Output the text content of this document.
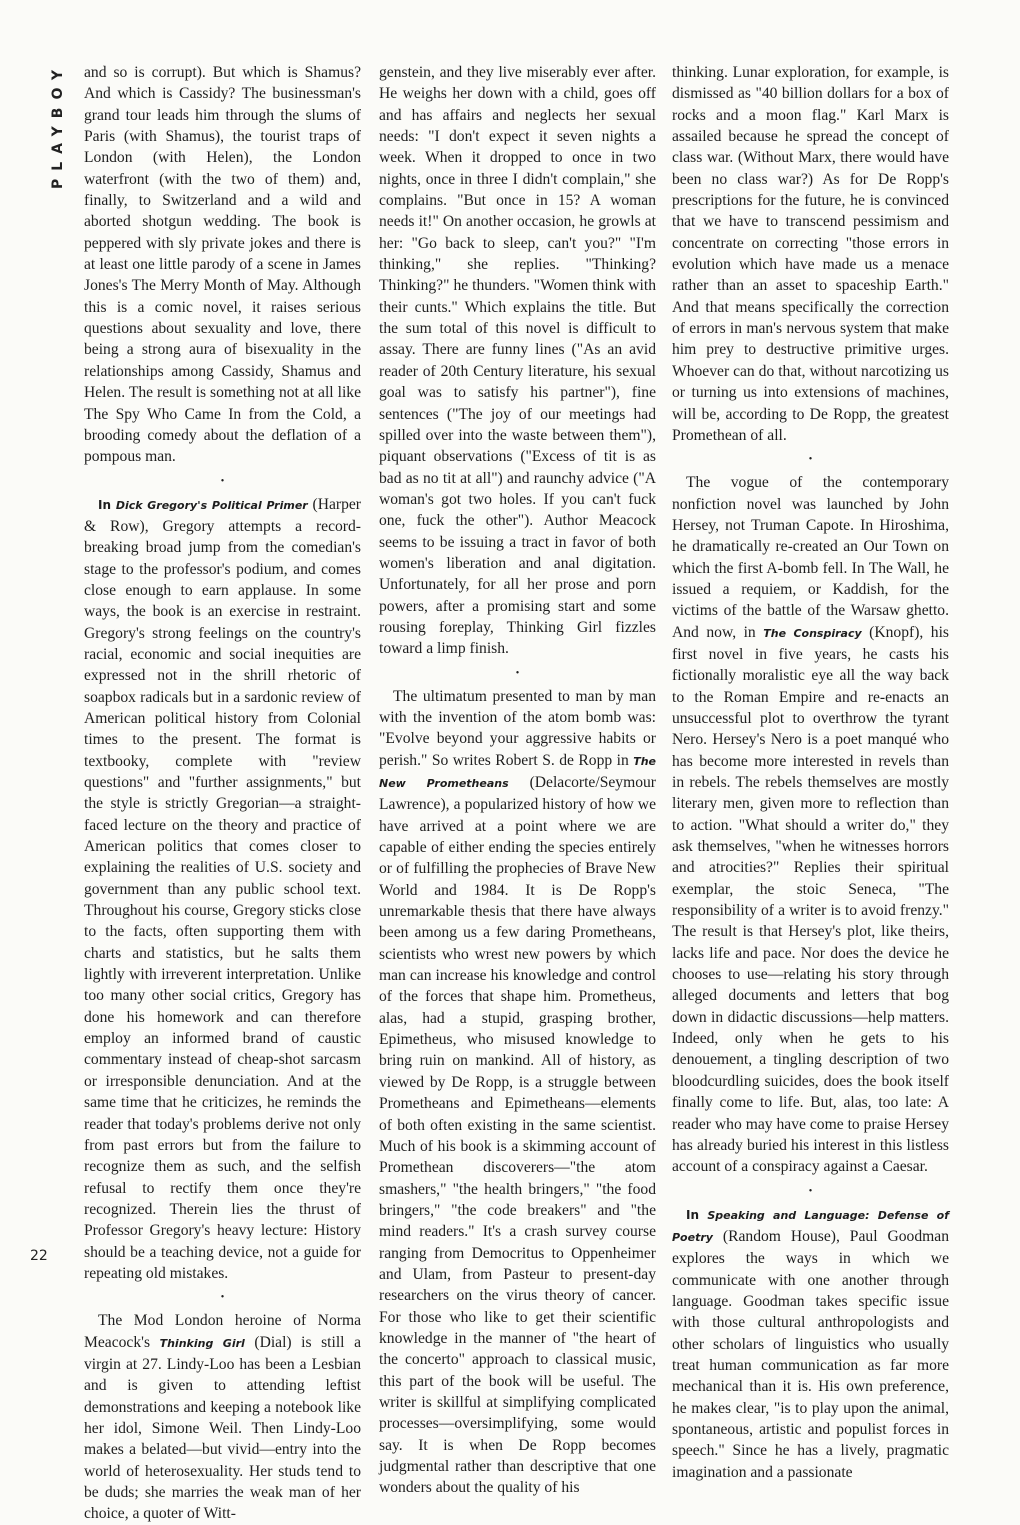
PLAYBOY
22

and so is corrupt). But which is Shamus? And which is Cassidy? The businessman's grand tour leads him through the slums of Paris (with Shamus), the tourist traps of London (with Helen), the London waterfront (with the two of them) and, finally, to Switzerland and a wild and aborted shotgun wedding. The book is peppered with sly private jokes and there is at least one little parody of a scene in James Jones's The Merry Month of May. Although this is a comic novel, it raises serious questions about sexuality and love, there being a strong aura of bisexuality in the relationships among Cassidy, Shamus and Helen. The result is something not at all like The Spy Who Came In from the Cold, a brooding comedy about the deflation of a pompous man.

•

In Dick Gregory's Political Primer (Harper & Row), Gregory attempts a record-breaking broad jump from the comedian's stage to the professor's podium, and comes close enough to earn applause. In some ways, the book is an exercise in restraint. Gregory's strong feelings on the country's racial, economic and social inequities are expressed not in the shrill rhetoric of soapbox radicals but in a sardonic review of American political history from Colonial times to the present. The format is textbooky, complete with "review questions" and "further assignments," but the style is strictly Gregorian—a straight-faced lecture on the theory and practice of American politics that comes closer to explaining the realities of U.S. society and government than any public school text. Throughout his course, Gregory sticks close to the facts, often supporting them with charts and statistics, but he salts them lightly with irreverent interpretation. Unlike too many other social critics, Gregory has done his homework and can therefore employ an informed brand of caustic commentary instead of cheap-shot sarcasm or irresponsible denunciation. And at the same time that he criticizes, he reminds the reader that today's problems derive not only from past errors but from the failure to recognize them as such, and the selfish refusal to rectify them once they're recognized. Therein lies the thrust of Professor Gregory's heavy lecture: History should be a teaching device, not a guide for repeating old mistakes.

•

The Mod London heroine of Norma Meacock's Thinking Girl (Dial) is still a virgin at 27. Lindy-Loo has been a Lesbian and is given to attending leftist demonstrations and keeping a notebook like her idol, Simone Weil. Then Lindy-Loo makes a belated—but vivid—entry into the world of heterosexuality. Her studs tend to be duds; she marries the weak man of her choice, a quoter of Witt-

genstein, and they live miserably ever after. He weighs her down with a child, goes off and has affairs and neglects her sexual needs: "I don't expect it seven nights a week. When it dropped to once in two nights, once in three I didn't complain," she complains. "But once in 15? A woman needs it!" On another occasion, he growls at her: "Go back to sleep, can't you?" "I'm thinking," she replies. "Thinking? Thinking?" he thunders. "Women think with their cunts." Which explains the title. But the sum total of this novel is difficult to assay. There are funny lines ("As an avid reader of 20th Century literature, his sexual goal was to satisfy his partner"), fine sentences ("The joy of our meetings had spilled over into the waste between them"), piquant observations ("Excess of tit is as bad as no tit at all") and raunchy advice ("A woman's got two holes. If you can't fuck one, fuck the other"). Author Meacock seems to be issuing a tract in favor of both women's liberation and anal digitation. Unfortunately, for all her prose and porn powers, after a promising start and some rousing foreplay, Thinking Girl fizzles toward a limp finish.

•

The ultimatum presented to man by man with the invention of the atom bomb was: "Evolve beyond your aggressive habits or perish." So writes Robert S. de Ropp in The New Prometheans (Delacorte/Seymour Lawrence), a popularized history of how we have arrived at a point where we are capable of either ending the species entirely or of fulfilling the prophecies of Brave New World and 1984. It is De Ropp's unremarkable thesis that there have always been among us a few daring Prometheans, scientists who wrest new powers by which man can increase his knowledge and control of the forces that shape him. Prometheus, alas, had a stupid, grasping brother, Epimetheus, who misused knowledge to bring ruin on mankind. All of history, as viewed by De Ropp, is a struggle between Prometheans and Epimetheans—elements of both often existing in the same scientist. Much of his book is a skimming account of Promethean discoverers—"the atom smashers," "the health bringers," "the food bringers," "the code breakers" and "the mind readers." It's a crash survey course ranging from Democritus to Oppenheimer and Ulam, from Pasteur to present-day researchers on the virus theory of cancer. For those who like to get their scientific knowledge in the manner of "the heart of the concerto" approach to classical music, this part of the book will be useful. The writer is skillful at simplifying complicated processes—oversimplifying, some would say. It is when De Ropp becomes judgmental rather than descriptive that one wonders about the quality of his

thinking. Lunar exploration, for example, is dismissed as "40 billion dollars for a box of rocks and a moon flag." Karl Marx is assailed because he spread the concept of class war. (Without Marx, there would have been no class war?) As for De Ropp's prescriptions for the future, he is convinced that we have to transcend pessimism and concentrate on correcting "those errors in evolution which have made us a menace rather than an asset to spaceship Earth." And that means specifically the correction of errors in man's nervous system that make him prey to destructive primitive urges. Whoever can do that, without narcotizing us or turning us into extensions of machines, will be, according to De Ropp, the greatest Promethean of all.

•

The vogue of the contemporary nonfiction novel was launched by John Hersey, not Truman Capote. In Hiroshima, he dramatically re-created an Our Town on which the first A-bomb fell. In The Wall, he issued a requiem, or Kaddish, for the victims of the battle of the Warsaw ghetto. And now, in The Conspiracy (Knopf), his first novel in five years, he casts his fictionally moralistic eye all the way back to the Roman Empire and re-enacts an unsuccessful plot to overthrow the tyrant Nero. Hersey's Nero is a poet manqué who has become more interested in revels than in rebels. The rebels themselves are mostly literary men, given more to reflection than to action. "What should a writer do," they ask themselves, "when he witnesses horrors and atrocities?" Replies their spiritual exemplar, the stoic Seneca, "The responsibility of a writer is to avoid frenzy." The result is that Hersey's plot, like theirs, lacks life and pace. Nor does the device he chooses to use—relating his story through alleged documents and letters that bog down in didactic discussions—help matters. Indeed, only when he gets to his denouement, a tingling description of two bloodcurdling suicides, does the book itself finally come to life. But, alas, too late: A reader who may have come to praise Hersey has already buried his interest in this listless account of a conspiracy against a Caesar.

•

In Speaking and Language: Defense of Poetry (Random House), Paul Goodman explores the ways in which we communicate with one another through language. Goodman takes specific issue with those cultural anthropologists and other scholars of linguistics who usually treat human communication as far more mechanical than it is. His own preference, he makes clear, "is to play upon the animal, spontaneous, artistic and populist forces in speech." Since he has a lively, pragmatic imagination and a passionate
